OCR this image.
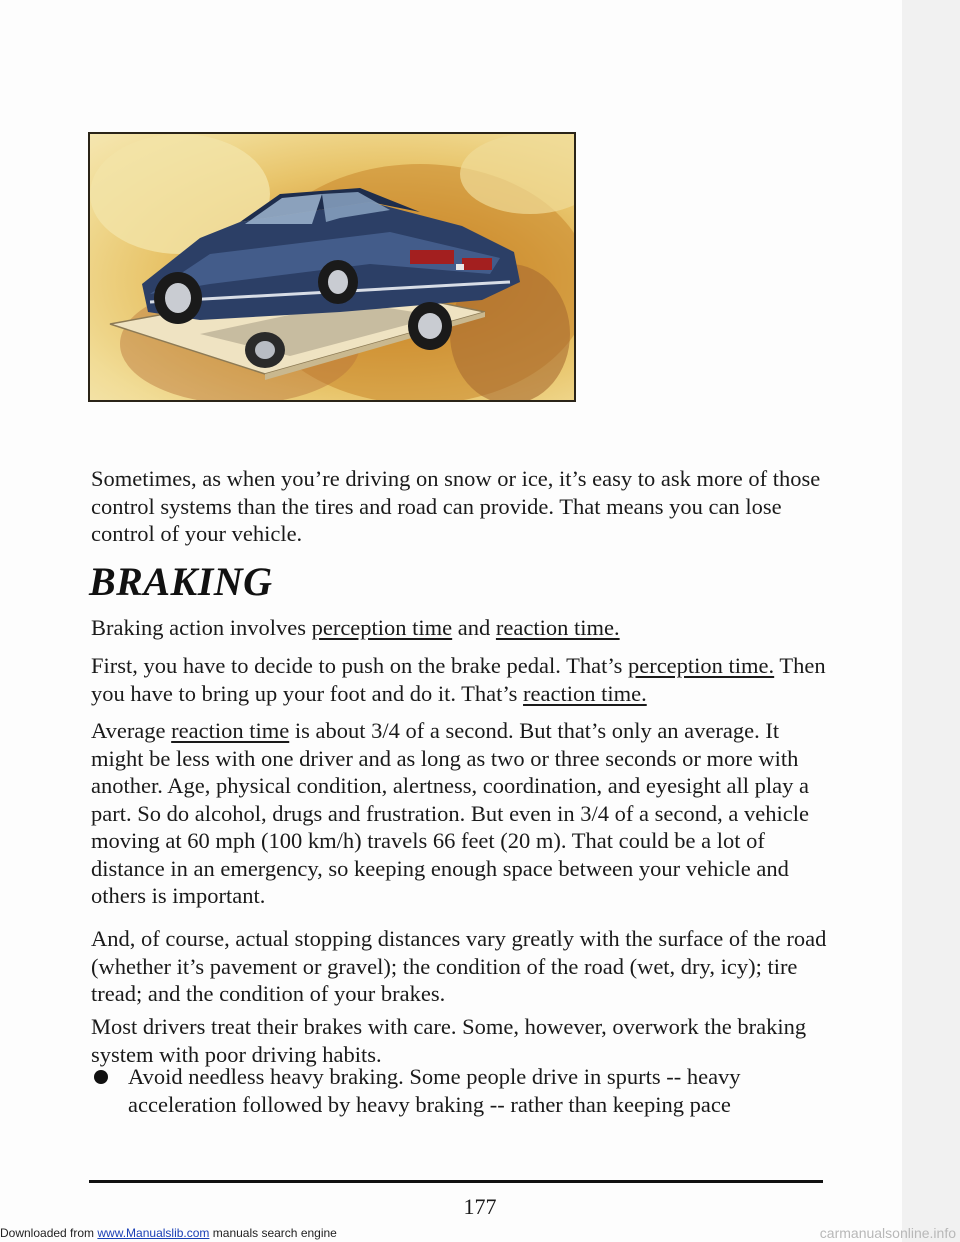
Sometimes, as when you’re driving on snow or ice, it’s easy to ask more of those control systems than the tires and road can provide. That means you can lose control of your vehicle.
BRAKING
Braking action involves perception time and reaction time.
First, you have to decide to push on the brake pedal. That’s perception time. Then you have to bring up your foot and do it. That’s reaction time.
Average reaction time is about 3/4 of a second. But that’s only an average. It might be less with one driver and as long as two or three seconds or more with another. Age, physical condition, alertness, coordination, and eyesight all play a part. So do alcohol, drugs and frustration. But even in 3/4 of a second, a vehicle moving at 60 mph (100 km/h) travels 66 feet (20 m). That could be a lot of distance in an emergency, so keeping enough space between your vehicle and others is important.
And, of course, actual stopping distances vary greatly with the surface of the road (whether it’s pavement or gravel); the condition of the road (wet, dry, icy); tire tread; and the condition of your brakes.
Most drivers treat their brakes with care. Some, however, overwork the braking system with poor driving habits.
Avoid needless heavy braking. Some people drive in spurts -- heavy acceleration followed by heavy braking -- rather than keeping pace
177
Downloaded from www.Manualslib.com manuals search engine	carmanualsonline.info
